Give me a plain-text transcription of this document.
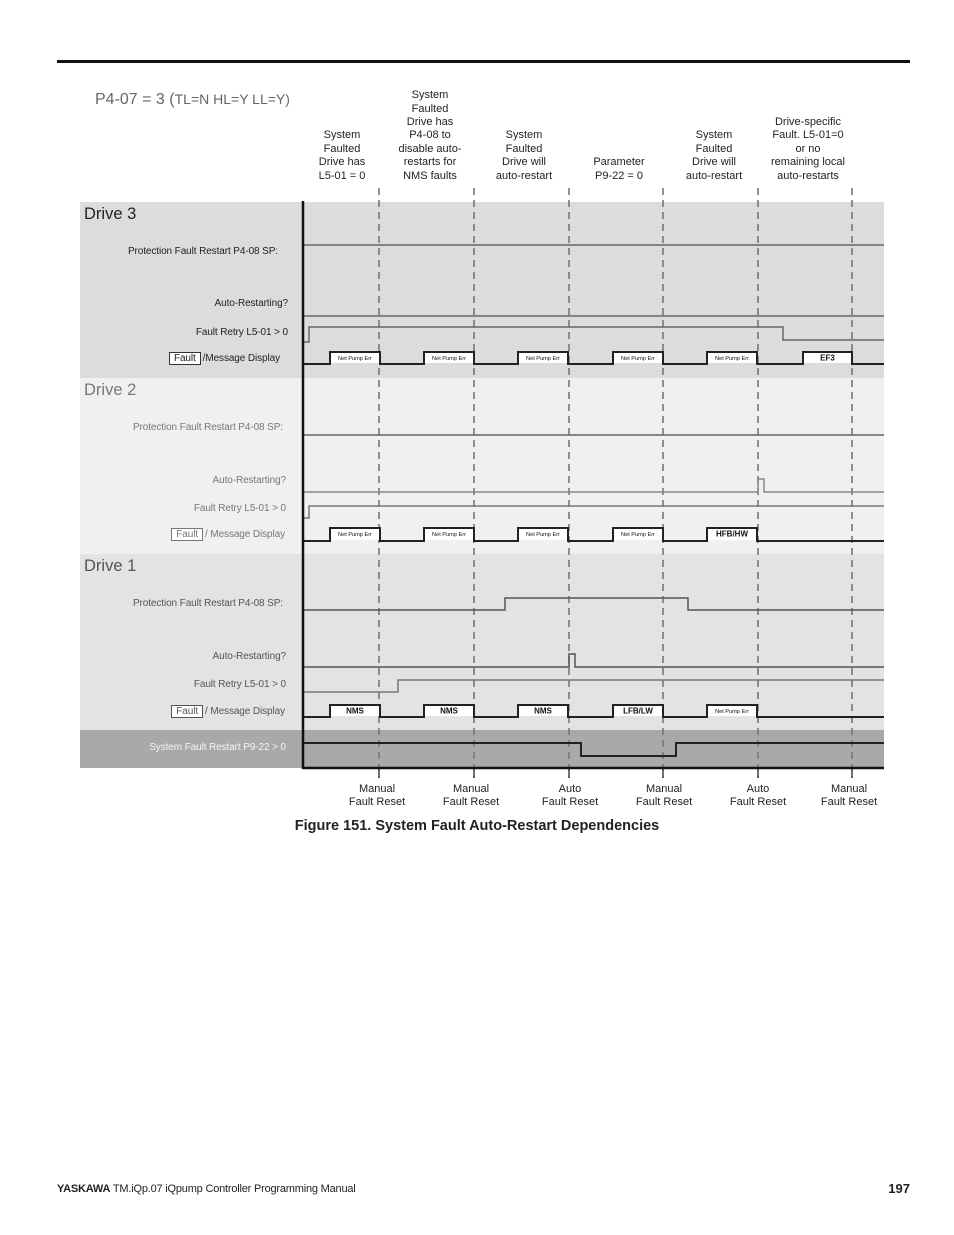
P4-07 = 3 (TL=N HL=Y LL=Y)
System
Faulted
Drive has
L5-01 = 0
System
Faulted
Drive has
P4-08 to
disable auto-
restarts for
NMS faults
System
Faulted
Drive will
auto-restart
Parameter
P9-22 = 0
System
Faulted
Drive will
auto-restart
Drive-specific
Fault. L5-01=0
or no
remaining local
auto-restarts
Drive 3
Protection Fault Restart P4-08 SP:
Auto-Restarting?
Fault Retry L5-01 > 0
Fault /Message Display
Drive 2
Protection Fault Restart P4-08 SP:
Auto-Restarting?
Fault Retry L5-01 > 0
Fault / Message Display
Drive 1
Protection Fault Restart P4-08 SP:
Auto-Restarting?
Fault Retry L5-01 > 0
Fault / Message Display
System Fault Restart P9-22 > 0
Net Pump Err	Net Pump Err	Net Pump Err	Net Pump Err	Net Pump Err	EF3
Net Pump Err	Net Pump Err	Net Pump Err	Net Pump Err	HFB/HW
NMS	NMS	NMS	LFB/LW	Net Pump Err
Manual
Fault Reset
Manual
Fault Reset
Auto
Fault Reset
Manual
Fault Reset
Auto
Fault Reset
Manual
Fault Reset
Figure 151. System Fault Auto-Restart Dependencies
YASKAWA TM.iQp.07 iQpump Controller Programming Manual	197
